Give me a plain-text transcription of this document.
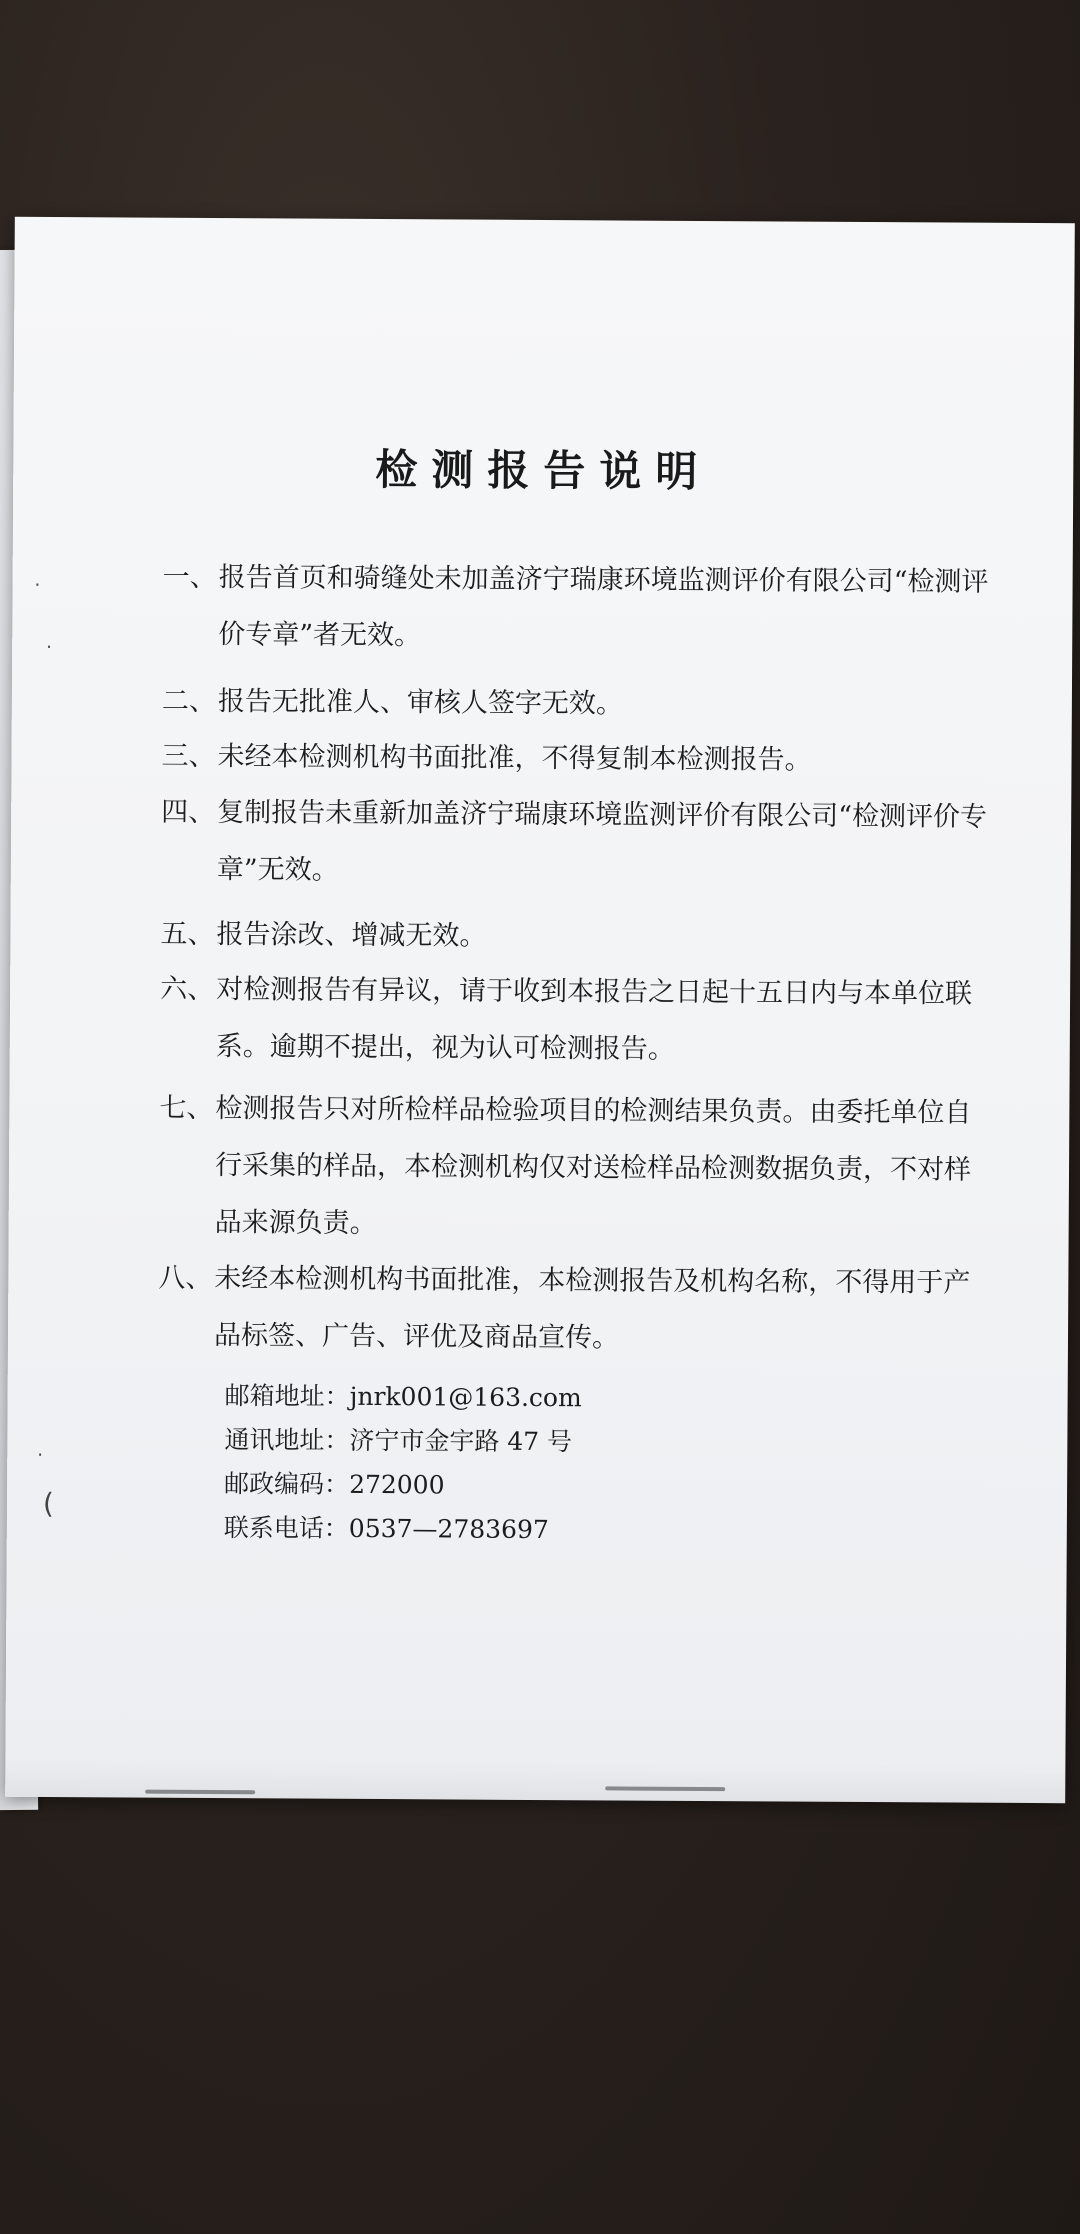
检测报告说明
一、 报告首页和骑缝处未加盖济宁瑞康环境监测评价有限公司“检测评价专章”者无效。
二、 报告无批准人、审核人签字无效。
三、 未经本检测机构书面批准，不得复制本检测报告。
四、 复制报告未重新加盖济宁瑞康环境监测评价有限公司“检测评价专章”无效。
五、 报告涂改、增减无效。
六、 对检测报告有异议，请于收到本报告之日起十五日内与本单位联系。逾期不提出，视为认可检测报告。
七、 检测报告只对所检样品检验项目的检测结果负责。由委托单位自行采集的样品，本检测机构仅对送检样品检测数据负责，不对样品来源负责。
八、 未经本检测机构书面批准，本检测报告及机构名称，不得用于产品标签、广告、评优及商品宣传。
邮箱地址：jnrk001@163.com
通讯地址：济宁市金宇路 47 号
邮政编码：272000
联系电话：0537—2783697
·
·
·
(
